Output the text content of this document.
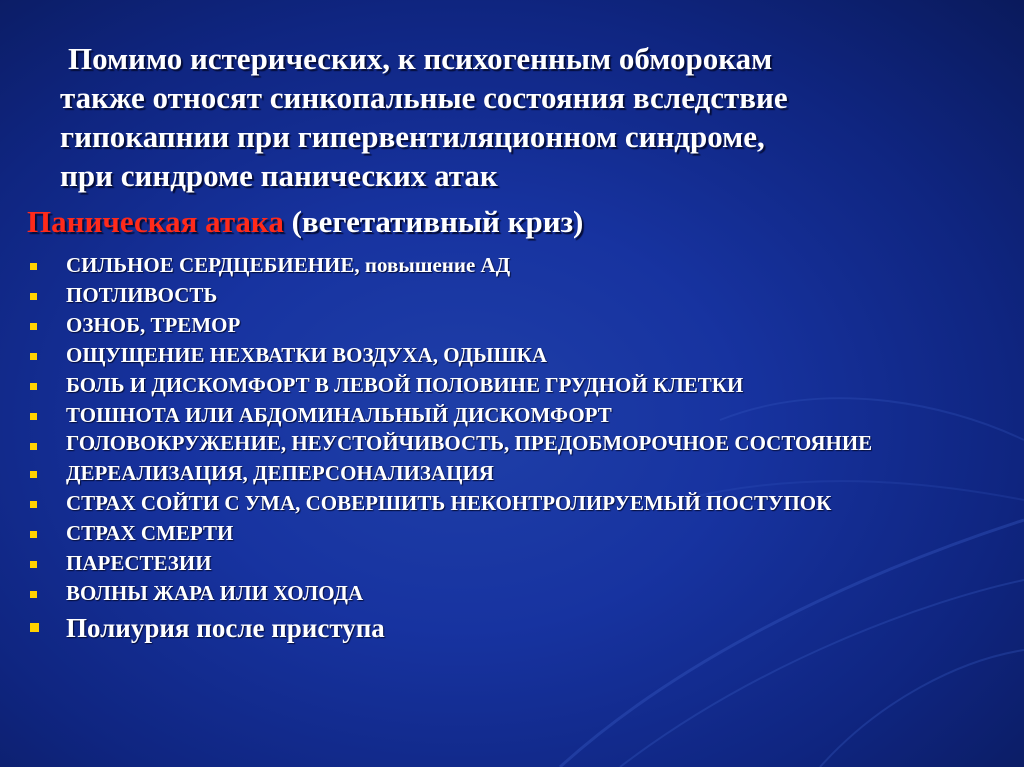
Помимо истерических, к психогенным обморокам
также относят синкопальные состояния вследствие
гипокапнии при гипервентиляционном синдроме,
при синдроме панических атак

Паническая атака (вегетативный криз)
СИЛЬНОЕ СЕРДЦЕБИЕНИЕ, повышение АД
ПОТЛИВОСТЬ
ОЗНОБ, ТРЕМОР
ОЩУЩЕНИЕ НЕХВАТКИ ВОЗДУХА, ОДЫШКА
БОЛЬ И ДИСКОМФОРТ В ЛЕВОЙ ПОЛОВИНЕ ГРУДНОЙ КЛЕТКИ
ТОШНОТА ИЛИ АБДОМИНАЛЬНЫЙ ДИСКОМФОРТ
ГОЛОВОКРУЖЕНИЕ, НЕУСТОЙЧИВОСТЬ, ПРЕДОБМОРОЧНОЕ СОСТОЯНИЕ
ДЕРЕАЛИЗАЦИЯ, ДЕПЕРСОНАЛИЗАЦИЯ
СТРАХ СОЙТИ С УМА, СОВЕРШИТЬ НЕКОНТРОЛИРУЕМЫЙ ПОСТУПОК
СТРАХ СМЕРТИ
ПАРЕСТЕЗИИ
ВОЛНЫ ЖАРА ИЛИ ХОЛОДА
Полиурия после приступа
